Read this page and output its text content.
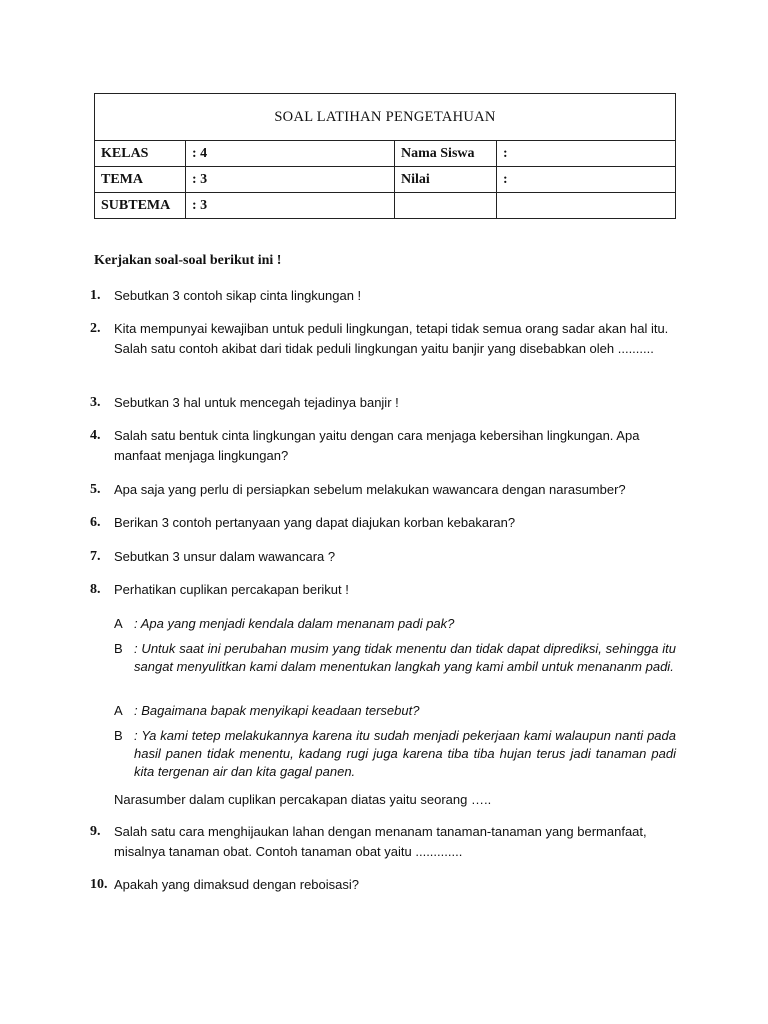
SOAL LATIHAN PENGETAHUAN			
KELAS	: 4	Nama Siswa	:
TEMA	: 3	Nilai	:
SUBTEMA	: 3		
Kerjakan soal-soal berikut ini !
1. Sebutkan 3 contoh sikap cinta lingkungan !
2. Kita mempunyai kewajiban untuk peduli lingkungan, tetapi tidak semua orang sadar akan hal itu. Salah satu contoh akibat dari tidak peduli lingkungan yaitu banjir yang disebabkan oleh ..........
3. Sebutkan 3 hal untuk mencegah tejadinya banjir !
4. Salah satu bentuk cinta lingkungan yaitu dengan cara menjaga kebersihan lingkungan. Apa manfaat menjaga lingkungan?
5. Apa saja yang perlu di persiapkan sebelum melakukan wawancara dengan narasumber?
6. Berikan 3 contoh pertanyaan yang dapat diajukan korban kebakaran?
7. Sebutkan 3 unsur dalam wawancara ?
8. Perhatikan cuplikan percakapan berikut !
A : Apa yang menjadi kendala dalam menanam padi pak?
B : Untuk saat ini perubahan musim yang tidak menentu dan tidak dapat diprediksi, sehingga itu sangat menyulitkan kami dalam menentukan langkah yang kami ambil untuk menananm padi.
A : Bagaimana bapak menyikapi keadaan tersebut?
B : Ya kami tetep melakukannya karena itu sudah menjadi pekerjaan kami walaupun nanti pada hasil panen tidak menentu, kadang rugi juga karena tiba tiba hujan terus jadi tanaman padi kita tergenan air dan kita gagal panen.
Narasumber dalam cuplikan percakapan diatas yaitu seorang …..
9. Salah satu cara menghijaukan lahan dengan menanam tanaman-tanaman yang bermanfaat, misalnya tanaman obat. Contoh tanaman obat yaitu .............
10. Apakah yang dimaksud dengan reboisasi?
